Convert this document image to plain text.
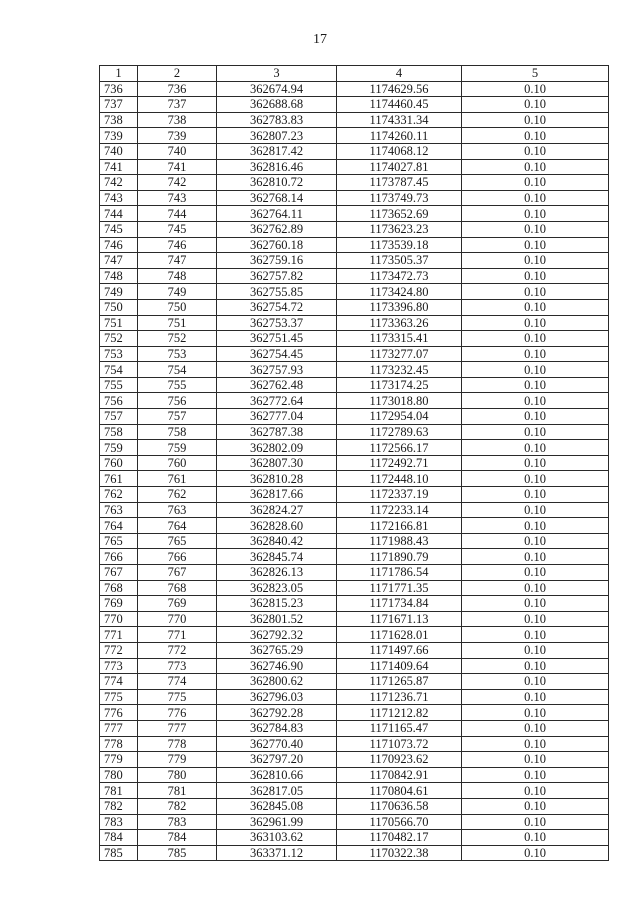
17
1	2	3	4	5
736	736	362674.94	1174629.56	0.10
737	737	362688.68	1174460.45	0.10
738	738	362783.83	1174331.34	0.10
739	739	362807.23	1174260.11	0.10
740	740	362817.42	1174068.12	0.10
741	741	362816.46	1174027.81	0.10
742	742	362810.72	1173787.45	0.10
743	743	362768.14	1173749.73	0.10
744	744	362764.11	1173652.69	0.10
745	745	362762.89	1173623.23	0.10
746	746	362760.18	1173539.18	0.10
747	747	362759.16	1173505.37	0.10
748	748	362757.82	1173472.73	0.10
749	749	362755.85	1173424.80	0.10
750	750	362754.72	1173396.80	0.10
751	751	362753.37	1173363.26	0.10
752	752	362751.45	1173315.41	0.10
753	753	362754.45	1173277.07	0.10
754	754	362757.93	1173232.45	0.10
755	755	362762.48	1173174.25	0.10
756	756	362772.64	1173018.80	0.10
757	757	362777.04	1172954.04	0.10
758	758	362787.38	1172789.63	0.10
759	759	362802.09	1172566.17	0.10
760	760	362807.30	1172492.71	0.10
761	761	362810.28	1172448.10	0.10
762	762	362817.66	1172337.19	0.10
763	763	362824.27	1172233.14	0.10
764	764	362828.60	1172166.81	0.10
765	765	362840.42	1171988.43	0.10
766	766	362845.74	1171890.79	0.10
767	767	362826.13	1171786.54	0.10
768	768	362823.05	1171771.35	0.10
769	769	362815.23	1171734.84	0.10
770	770	362801.52	1171671.13	0.10
771	771	362792.32	1171628.01	0.10
772	772	362765.29	1171497.66	0.10
773	773	362746.90	1171409.64	0.10
774	774	362800.62	1171265.87	0.10
775	775	362796.03	1171236.71	0.10
776	776	362792.28	1171212.82	0.10
777	777	362784.83	1171165.47	0.10
778	778	362770.40	1171073.72	0.10
779	779	362797.20	1170923.62	0.10
780	780	362810.66	1170842.91	0.10
781	781	362817.05	1170804.61	0.10
782	782	362845.08	1170636.58	0.10
783	783	362961.99	1170566.70	0.10
784	784	363103.62	1170482.17	0.10
785	785	363371.12	1170322.38	0.10
